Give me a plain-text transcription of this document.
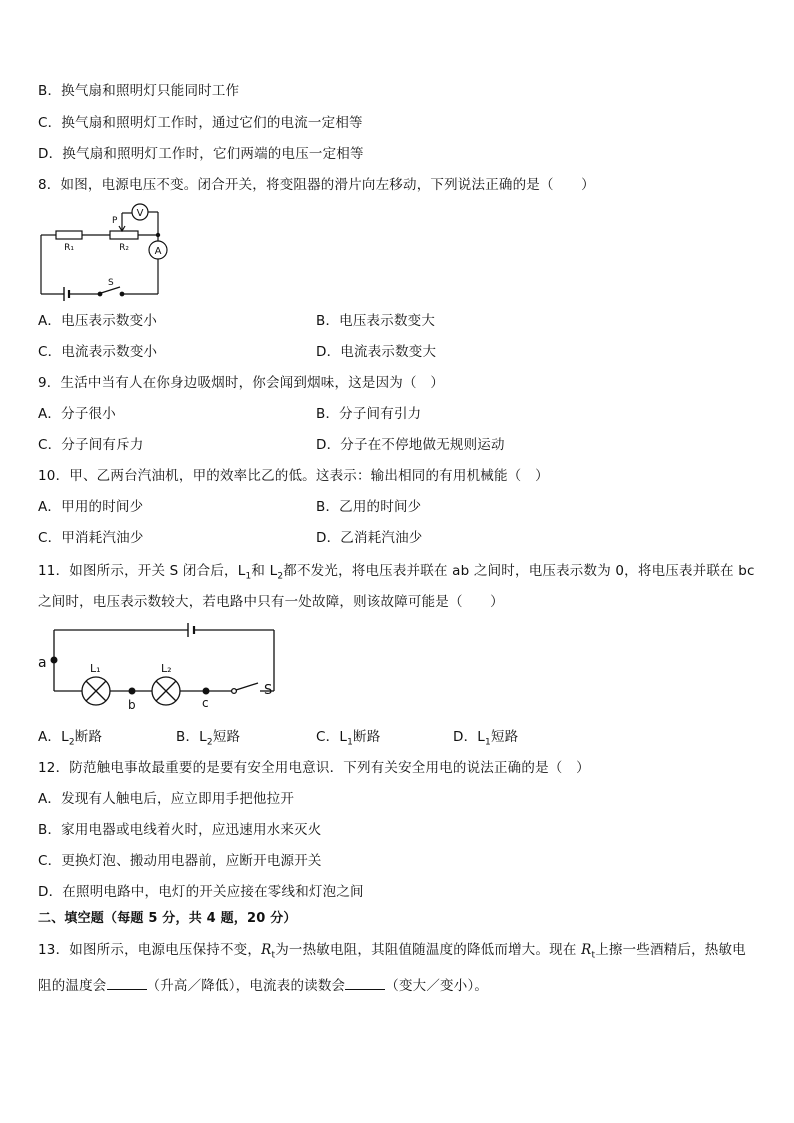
B．换气扇和照明灯只能同时工作
C．换气扇和照明灯工作时，通过它们的电流一定相等
D．换气扇和照明灯工作时，它们两端的电压一定相等
8．如图，电源电压不变。闭合开关，将变阻器的滑片向左移动，下列说法正确的是（　　）
V
A
R₁	R₂
P
S
A．电压表示数变小	B．电压表示数变大
C．电流表示数变小	D．电流表示数变大
9．生活中当有人在你身边吸烟时，你会闻到烟味，这是因为（　）
A．分子很小	B．分子间有引力
C．分子间有斥力	D．分子在不停地做无规则运动
10．甲、乙两台汽油机，甲的效率比乙的低。这表示：输出相同的有用机械能（　）
A．甲用的时间少	B．乙用的时间少
C．甲消耗汽油少	D．乙消耗汽油少
11．如图所示，开关 S 闭合后，$L_1$和 $L_2$都不发光，将电压表并联在 ab 之间时，电压表示数为 0，将电压表并联在 bc
之间时，电压表示数较大，若电路中只有一处故障，则该故障可能是（　　）
a
b	c
L₁	L₂
S
A．$L_2$断路	B．$L_2$短路	C．$L_1$断路	D．$L_1$短路
12．防范触电事故最重要的是要有安全用电意识．下列有关安全用电的说法正确的是（　）
A．发现有人触电后，应立即用手把他拉开
B．家用电器或电线着火时，应迅速用水来灭火
C．更换灯泡、搬动用电器前，应断开电源开关
D．在照明电路中，电灯的开关应接在零线和灯泡之间
二、填空题（每题 5 分，共 4 题，20 分）
13．如图所示，电源电压保持不变，$R_t$为一热敏电阻，其阻值随温度的降低而增大。现在 $R_t$上擦一些酒精后，热敏电
阻的温度会	（升高／降低），电流表的读数会	（变大／变小）。
